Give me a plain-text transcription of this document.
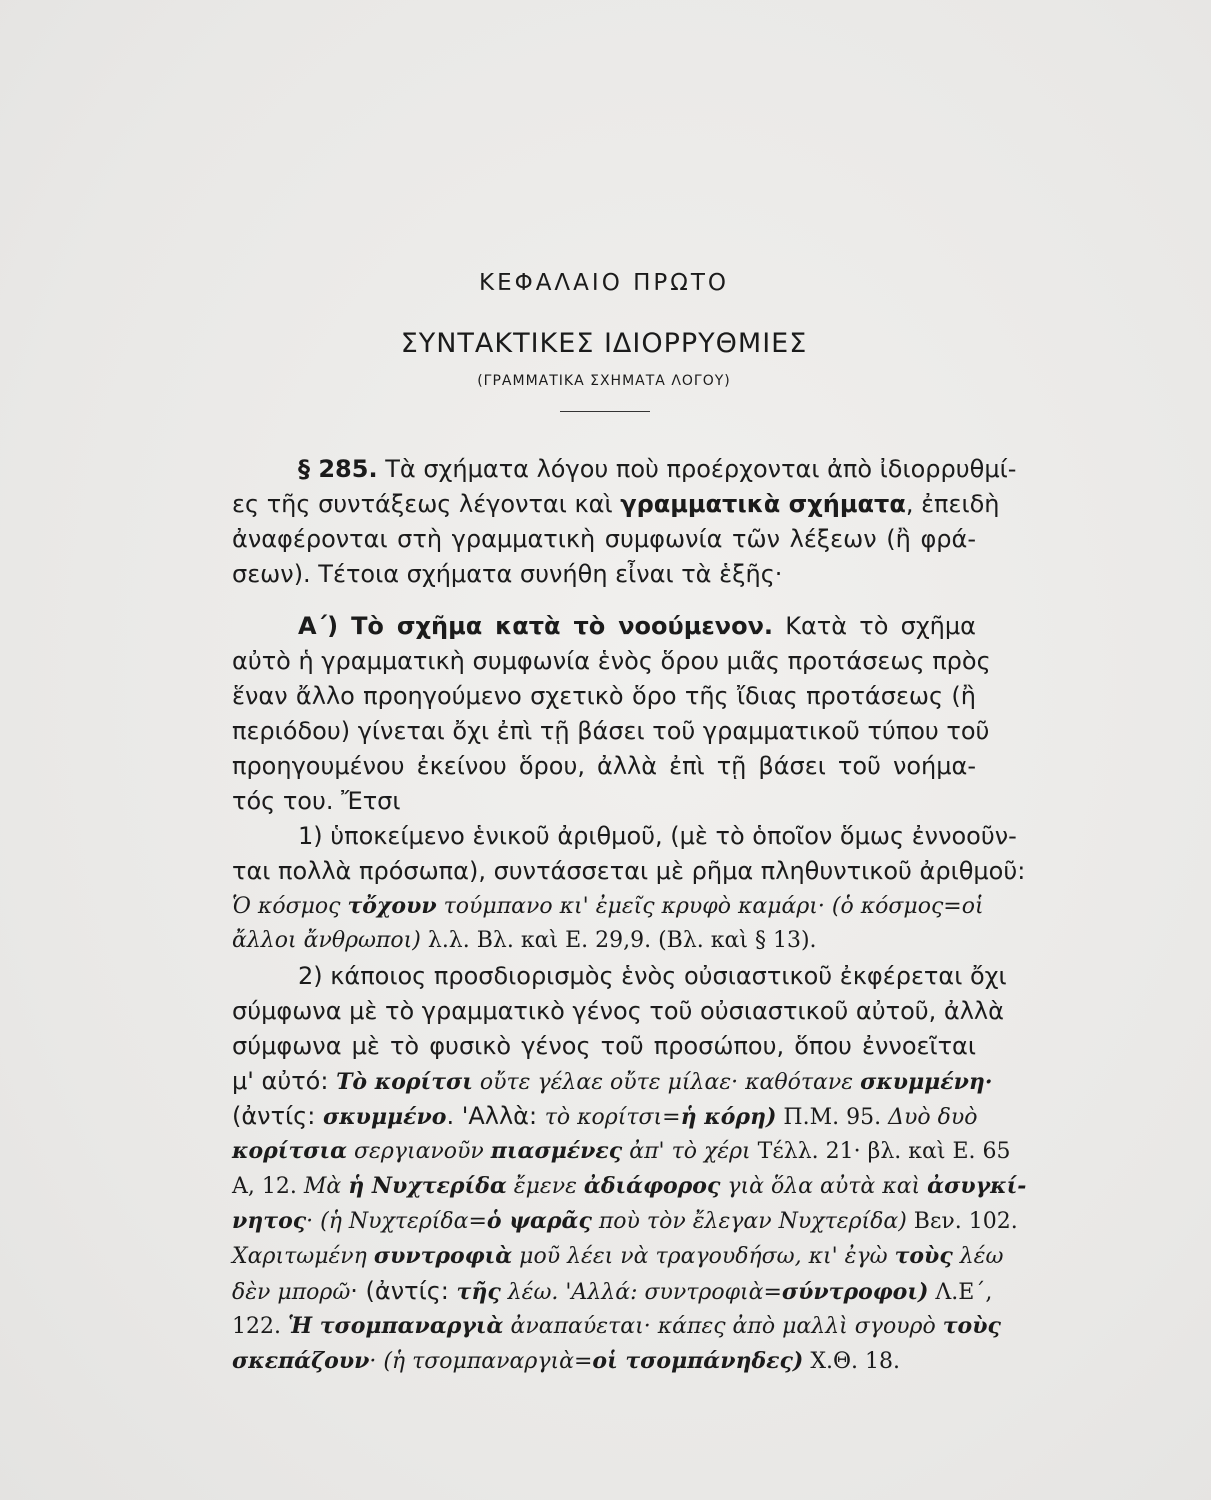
ΚΕΦΑΛΑΙΟ ΠΡΩΤΟ
ΣΥΝΤΑΚΤΙΚΕΣ ΙΔΙΟΡΡΥΘΜΙΕΣ
(ΓΡΑΜΜΑΤΙΚΑ ΣΧΗΜΑΤΑ ΛΟΓΟΥ)
§ 285. Τὰ σχήματα λόγου ποὺ προέρχονται ἀπὸ ἰδιορρυθμί-
ες τῆς συντάξεως λέγονται καὶ γραμματικὰ σχήματα, ἐπειδὴ
ἀναφέρονται στὴ γραμματικὴ συμφωνία τῶν λέξεων (ἢ φρά-
σεων). Τέτοια σχήματα συνήθη εἶναι τὰ ἑξῆς·
Α΄) Τὸ σχῆμα κατὰ τὸ νοούμενον. Κατὰ τὸ σχῆμα
αὐτὸ ἡ γραμματικὴ συμφωνία ἑνὸς ὅρου μιᾶς προτάσεως πρὸς
ἕναν ἄλλο προηγούμενο σχετικὸ ὅρο τῆς ἴδιας προτάσεως (ἢ
περιόδου) γίνεται ὄχι ἐπὶ τῇ βάσει τοῦ γραμματικοῦ τύπου τοῦ
προηγουμένου ἐκείνου ὅρου, ἀλλὰ ἐπὶ τῇ βάσει τοῦ νοήμα-
τός του. Ἔτσι
1) ὑποκείμενο ἑνικοῦ ἀριθμοῦ, (μὲ τὸ ὁποῖον ὅμως ἐννοοῦν-
ται πολλὰ πρόσωπα), συντάσσεται μὲ ρῆμα πληθυντικοῦ ἀριθμοῦ:
Ὁ κόσμος τὄχουν τούμπανο κι' ἐμεῖς κρυφὸ καμάρι· (ὁ κόσμος=οἱ
ἄλλοι ἄνθρωποι) λ.λ. Βλ. καὶ Ε. 29,9. (Βλ. καὶ § 13).
2) κάποιος προσδιορισμὸς ἑνὸς οὐσιαστικοῦ ἐκφέρεται ὄχι
σύμφωνα μὲ τὸ γραμματικὸ γένος τοῦ οὐσιαστικοῦ αὐτοῦ, ἀλλὰ
σύμφωνα μὲ τὸ φυσικὸ γένος τοῦ προσώπου, ὅπου ἐννοεῖται
μ' αὐτό: Τὸ κορίτσι οὔτε γέλαε οὔτε μίλαε· καθότανε σκυμμένη·
(ἀντίς: σκυμμένο. 'Αλλὰ: τὸ κορίτσι=ἡ κόρη) Π.Μ. 95. Δυὸ δυὸ
κορίτσια σεργιανοῦν πιασμένες ἀπ' τὸ χέρι Τέλλ. 21· βλ. καὶ Ε. 65
Α, 12. Μὰ ἡ Νυχτερίδα ἔμενε ἀδιάφορος γιὰ ὅλα αὐτὰ καὶ ἀσυγκί-
νητος· (ἡ Νυχτερίδα=ὁ ψαρᾶς ποὺ τὸν ἔλεγαν Νυχτερίδα) Βεν. 102.
Χαριτωμένη συντροφιὰ μοῦ λέει νὰ τραγουδήσω, κι' ἐγὼ τοὺς λέω
δὲν μπορῶ· (ἀντίς: τῆς λέω. 'Αλλά: συντροφιὰ=σύντροφοι) Λ.Ε΄,
122. Ἡ τσομπαναργιὰ ἀναπαύεται· κάπες ἀπὸ μαλλὶ σγουρὸ τοὺς
σκεπάζουν· (ἡ τσομπαναργιὰ=οἱ τσομπάνηδες) Χ.Θ. 18.
